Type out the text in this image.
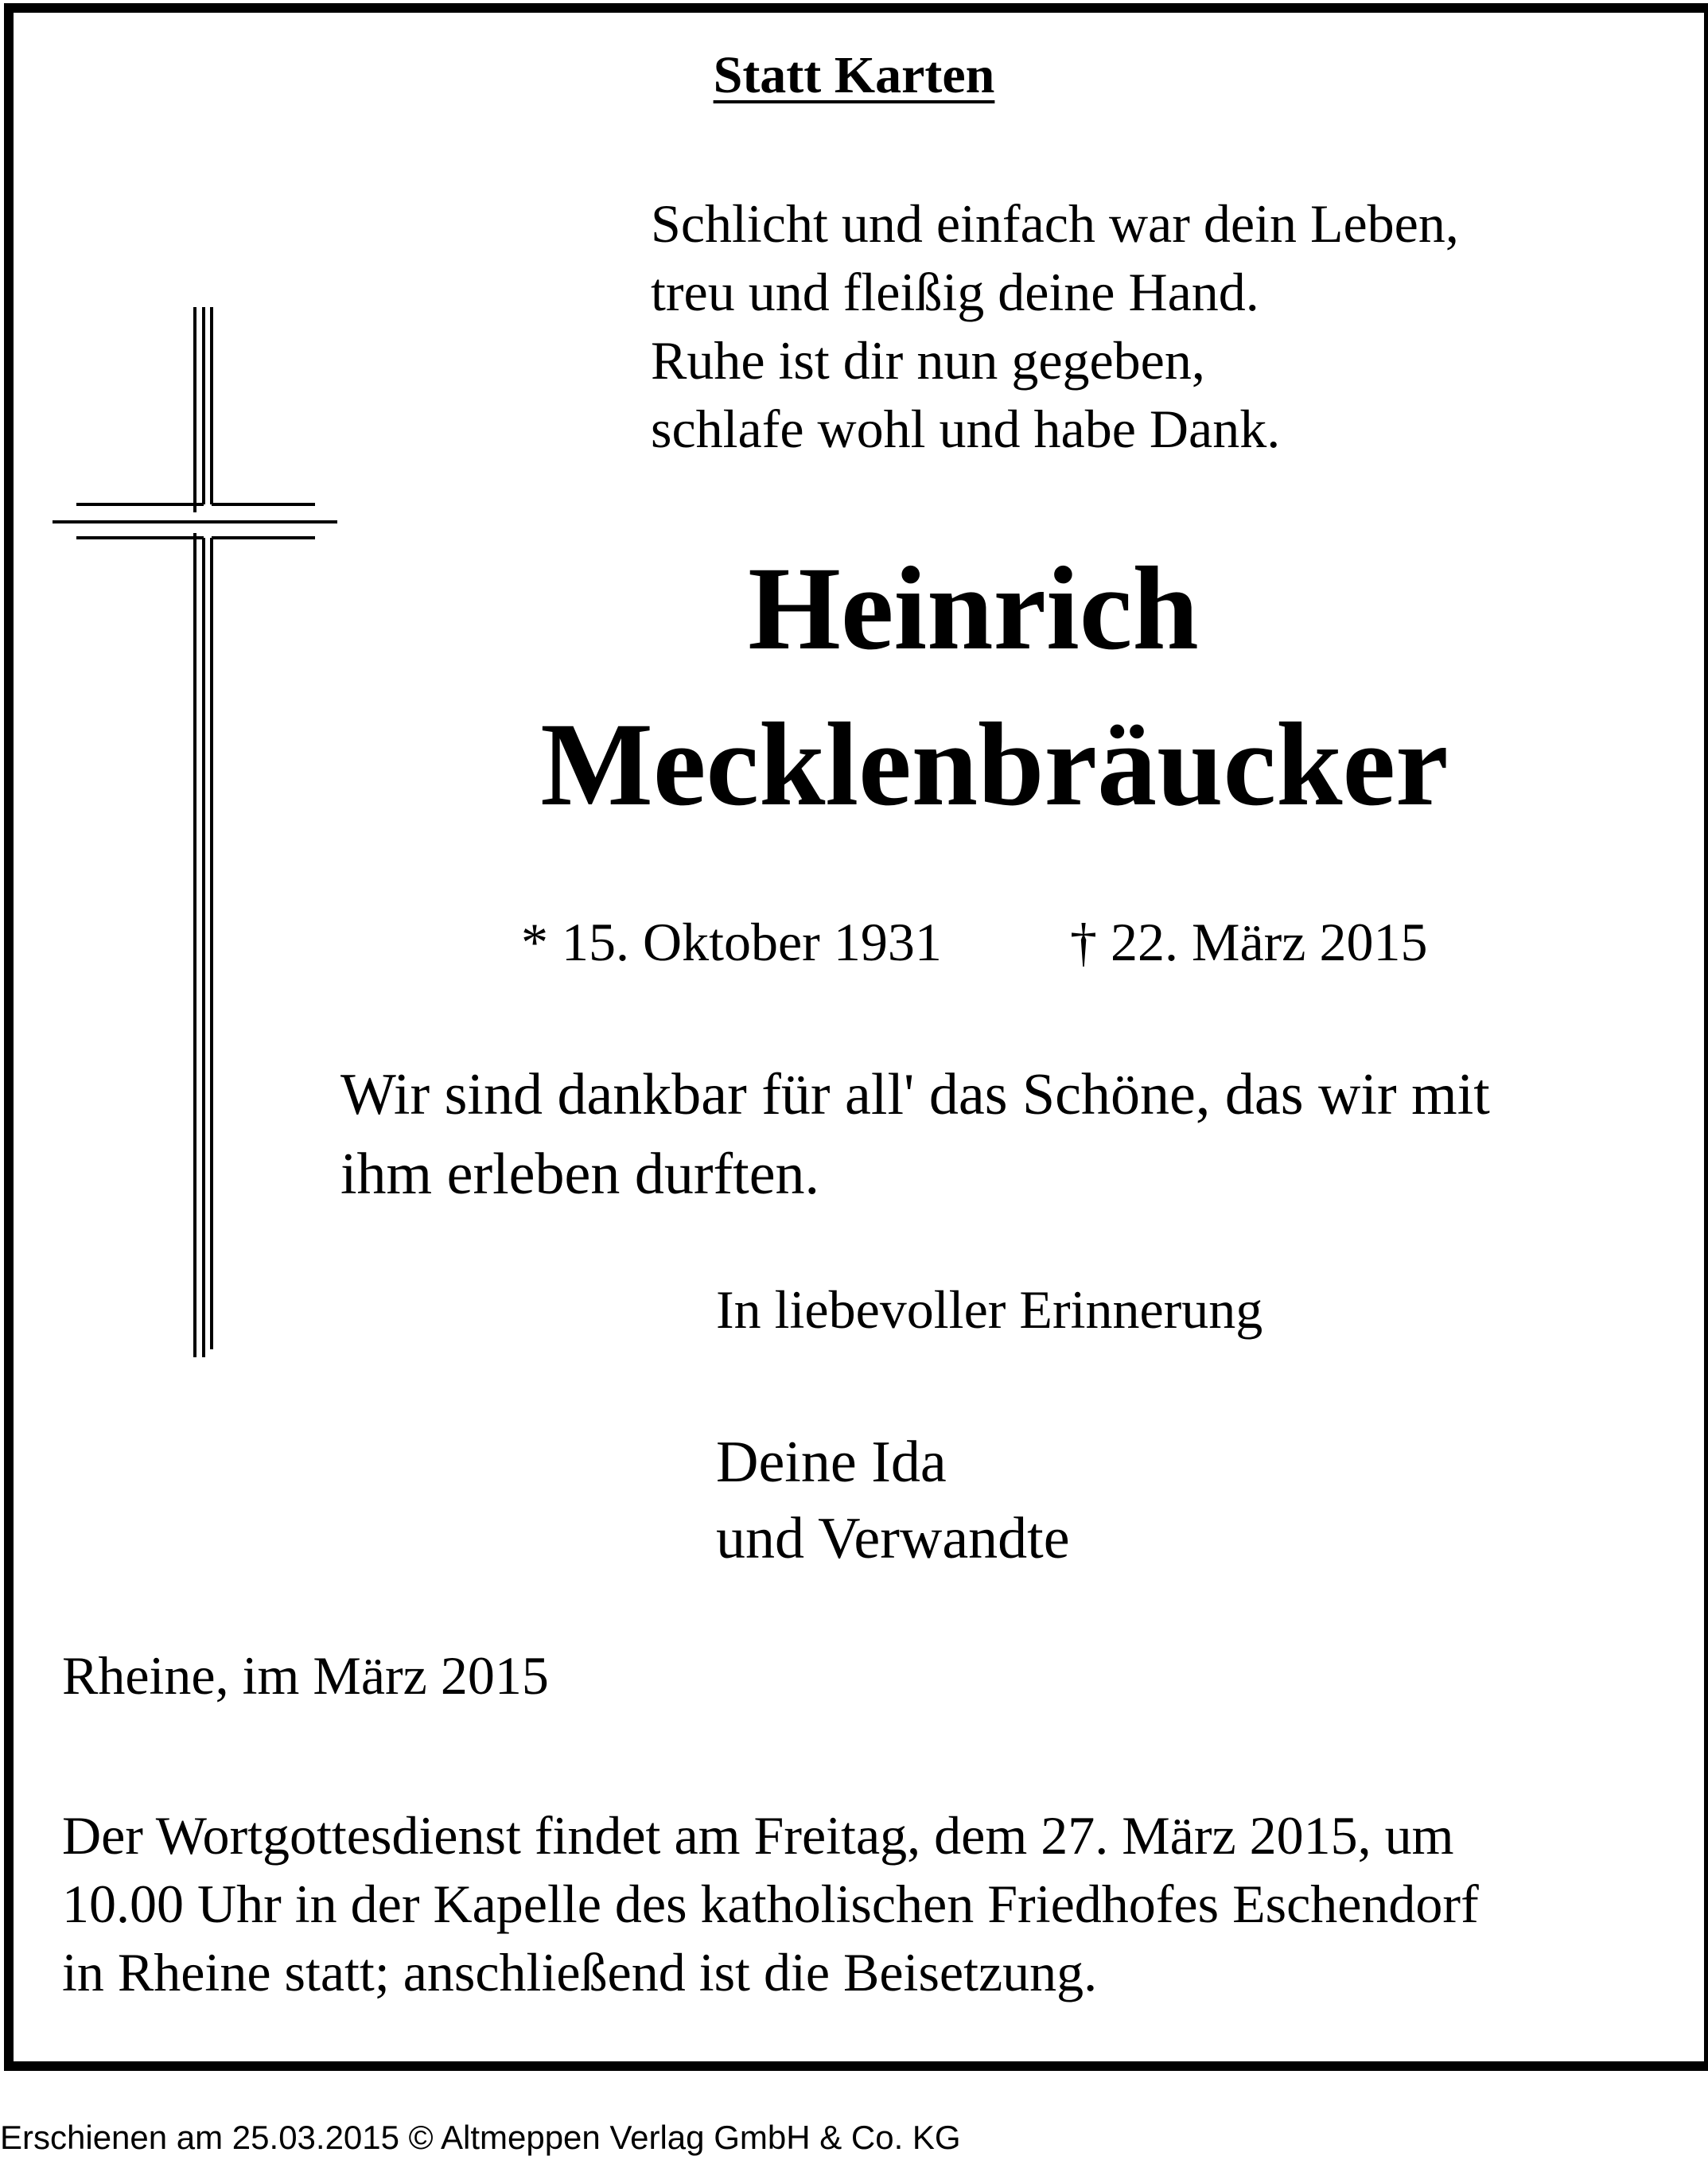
Statt Karten
Schlicht und einfach war dein Leben,
treu und fleißig deine Hand.
Ruhe ist dir nun gegeben,
schlafe wohl und habe Dank.
Heinrich
Mecklenbräucker
* 15. Oktober 1931 † 22. März 2015
Wir sind dankbar für all' das Schöne, das wir mit
ihm erleben durften.
In liebevoller Erinnerung
Deine Ida
und Verwandte
Rheine, im März 2015
Der Wortgottesdienst findet am Freitag, dem 27. März 2015, um
10.00 Uhr in der Kapelle des katholischen Friedhofes Eschendorf
in Rheine statt; anschließend ist die Beisetzung.
Erschienen am 25.03.2015 © Altmeppen Verlag GmbH & Co. KG
